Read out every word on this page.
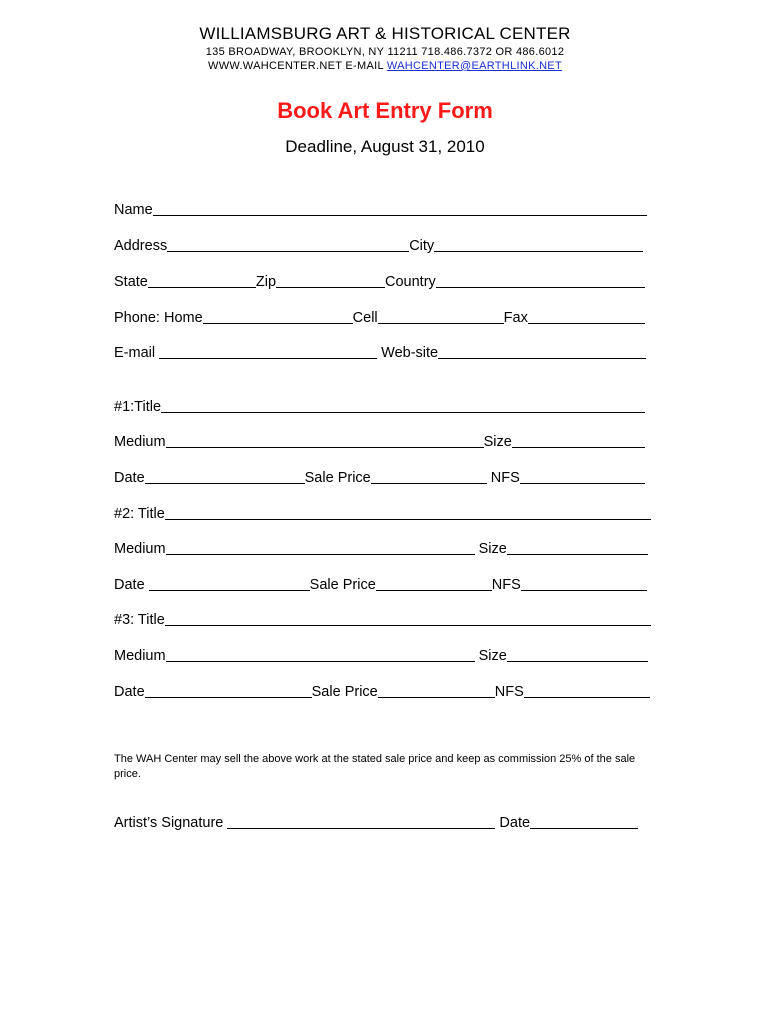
WILLIAMSBURG ART & HISTORICAL CENTER
135 BROADWAY, BROOKLYN, NY 11211 718.486.7372 OR 486.6012
WWW.WAHCENTER.NET E-MAIL WAHCENTER@EARTHLINK.NET
Book Art Entry Form
Deadline, August 31, 2010
Name
Address	City
State	Zip	Country
Phone: Home	Cell	Fax
E-mail	Web-site
#1:Title
Medium	Size
Date	Sale Price	NFS
#2: Title
Medium	Size
Date	Sale Price	NFS
#3: Title
Medium	Size
Date	Sale Price	NFS
The WAH Center may sell the above work at the stated sale price and keep as commission 25% of the sale price.
Artist’s Signature	Date
